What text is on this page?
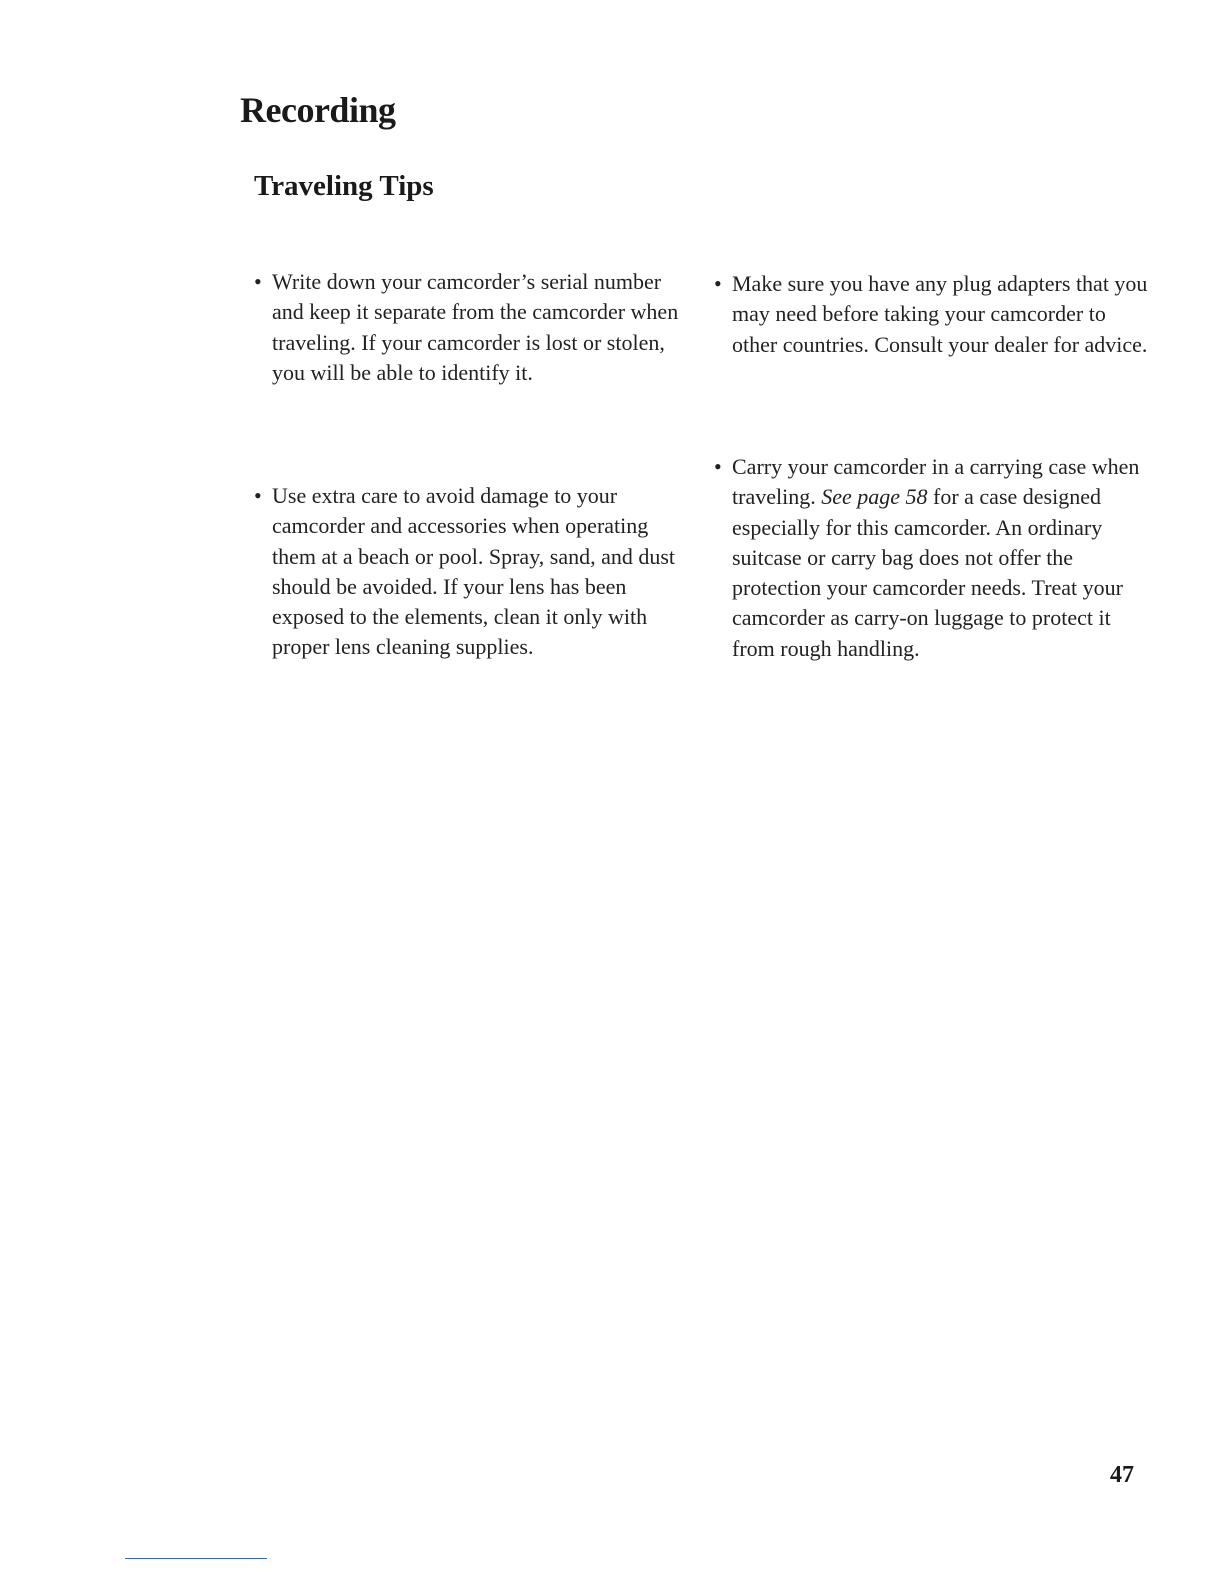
Recording
Traveling Tips

• Write down your camcorder’s serial number and keep it separate from the camcorder when traveling. If your camcorder is lost or stolen, you will be able to identify it.

• Use extra care to avoid damage to your camcorder and accessories when operating them at a beach or pool. Spray, sand, and dust should be avoided. If your lens has been exposed to the elements, clean it only with proper lens cleaning supplies.

• Make sure you have any plug adapters that you may need before taking your camcorder to other countries. Consult your dealer for advice.

• Carry your camcorder in a carrying case when traveling. See page 58 for a case designed especially for this camcorder. An ordinary suitcase or carry bag does not offer the protection your camcorder needs. Treat your camcorder as carry-on luggage to protect it from rough handling.

47
